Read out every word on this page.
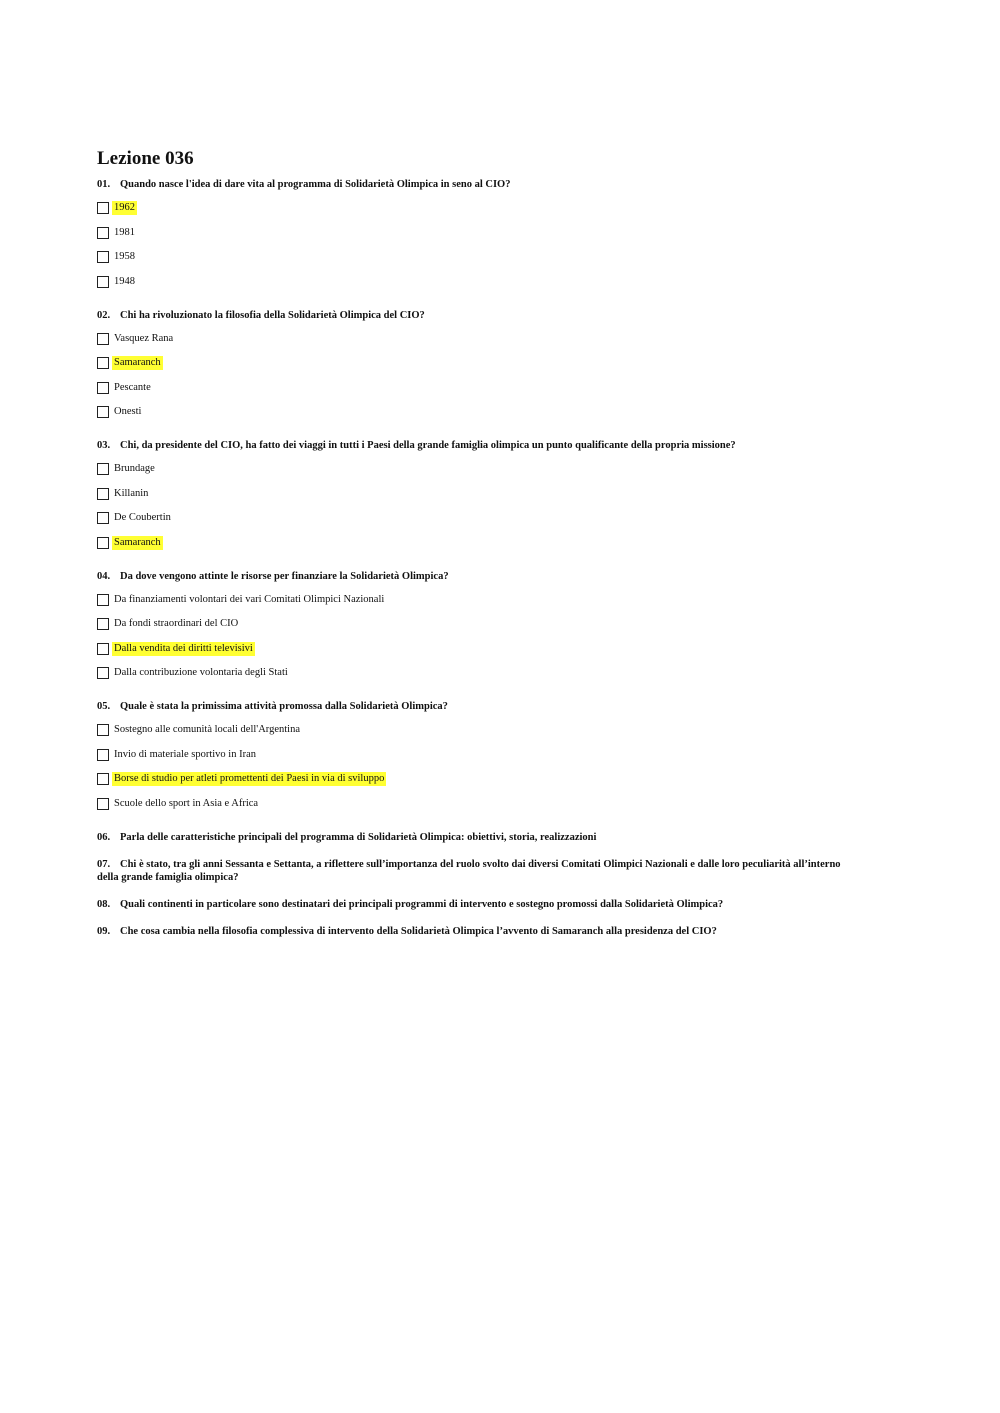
Lezione 036

01. Quando nasce l'idea di dare vita al programma di Solidarietà Olimpica in seno al CIO?

1962
1981
1958
1948

02. Chi ha rivoluzionato la filosofia della Solidarietà Olimpica del CIO?

Vasquez Rana
Samaranch
Pescante
Onesti

03. Chi, da presidente del CIO, ha fatto dei viaggi in tutti i Paesi della grande famiglia olimpica un punto qualificante della propria missione?

Brundage
Killanin
De Coubertin
Samaranch

04. Da dove vengono attinte le risorse per finanziare la Solidarietà Olimpica?

Da finanziamenti volontari dei vari Comitati Olimpici Nazionali
Da fondi straordinari del CIO
Dalla vendita dei diritti televisivi
Dalla contribuzione volontaria degli Stati

05. Quale è stata la primissima attività promossa dalla Solidarietà Olimpica?

Sostegno alle comunità locali dell'Argentina
Invio di materiale sportivo in Iran
Borse di studio per atleti promettenti dei Paesi in via di sviluppo
Scuole dello sport in Asia e Africa

06. Parla delle caratteristiche principali del programma di Solidarietà Olimpica: obiettivi, storia, realizzazioni

07. Chi è stato, tra gli anni Sessanta e Settanta, a riflettere sull’importanza del ruolo svolto dai diversi Comitati Olimpici Nazionali e dalle loro peculiarità all’interno della grande famiglia olimpica?

08. Quali continenti in particolare sono destinatari dei principali programmi di intervento e sostegno promossi dalla Solidarietà Olimpica?

09. Che cosa cambia nella filosofia complessiva di intervento della Solidarietà Olimpica l’avvento di Samaranch alla presidenza del CIO?
